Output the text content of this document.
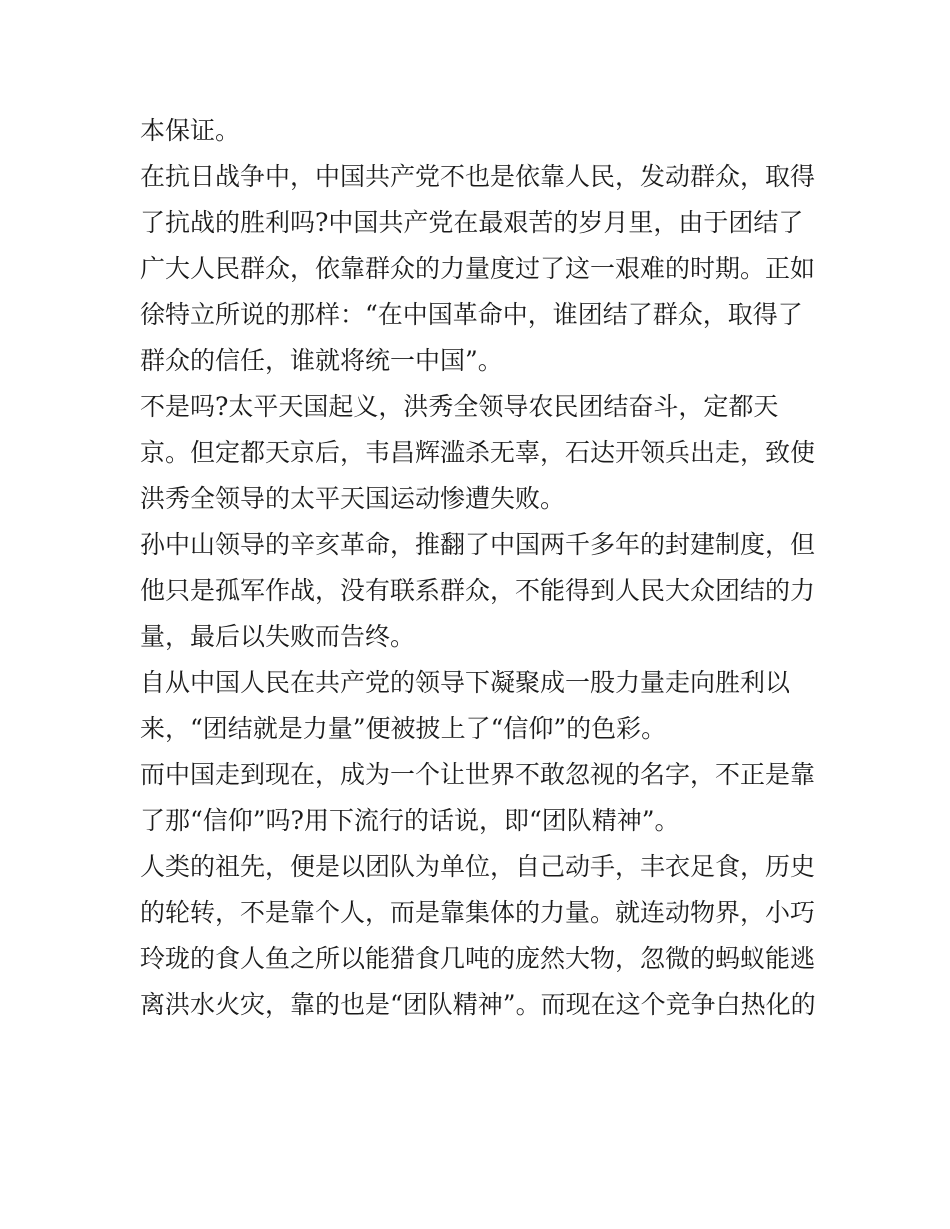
本保证。
在抗日战争中，中国共产党不也是依靠人民，发动群众，取得
了抗战的胜利吗?中国共产党在最艰苦的岁月里，由于团结了
广大人民群众，依靠群众的力量度过了这一艰难的时期。正如
徐特立所说的那样：“在中国革命中，谁团结了群众，取得了
群众的信任，谁就将统一中国”。
不是吗?太平天国起义，洪秀全领导农民团结奋斗，定都天
京。但定都天京后，韦昌辉滥杀无辜，石达开领兵出走，致使
洪秀全领导的太平天国运动惨遭失败。
孙中山领导的辛亥革命，推翻了中国两千多年的封建制度，但
他只是孤军作战，没有联系群众，不能得到人民大众团结的力
量，最后以失败而告终。
自从中国人民在共产党的领导下凝聚成一股力量走向胜利以
来，“团结就是力量”便被披上了“信仰”的色彩。
而中国走到现在，成为一个让世界不敢忽视的名字，不正是靠
了那“信仰”吗?用下流行的话说，即“团队精神”。
人类的祖先，便是以团队为单位，自己动手，丰衣足食，历史
的轮转，不是靠个人，而是靠集体的力量。就连动物界，小巧
玲珑的食人鱼之所以能猎食几吨的庞然大物，忽微的蚂蚁能逃
离洪水火灾，靠的也是“团队精神”。而现在这个竞争白热化的
